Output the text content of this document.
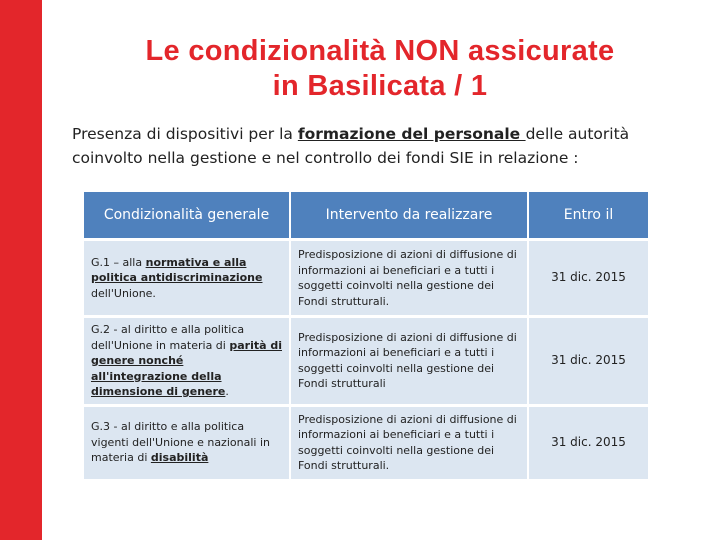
Le condizionalità NON assicurate
in Basilicata / 1

Presenza di dispositivi per la formazione del personale delle autorità coinvolto nella gestione e nel controllo dei fondi SIE in relazione :

Condizionalità generale	Intervento da realizzare	Entro il
G.1 – alla normativa e alla politica antidiscriminazione dell'Unione.	Predisposizione di azioni di diffusione di informazioni ai beneficiari e a tutti i soggetti coinvolti nella gestione dei Fondi strutturali.	31 dic. 2015
G.2 - al diritto e alla politica dell'Unione in materia di parità di genere nonché all'integrazione della dimensione di genere.	Predisposizione di azioni di diffusione di informazioni ai beneficiari e a tutti i soggetti coinvolti nella gestione dei Fondi strutturali	31 dic. 2015
G.3 - al diritto e alla politica vigenti dell'Unione e nazionali in materia di disabilità	Predisposizione di azioni di diffusione di informazioni ai beneficiari e a tutti i soggetti coinvolti nella gestione dei Fondi strutturali.	31 dic. 2015
